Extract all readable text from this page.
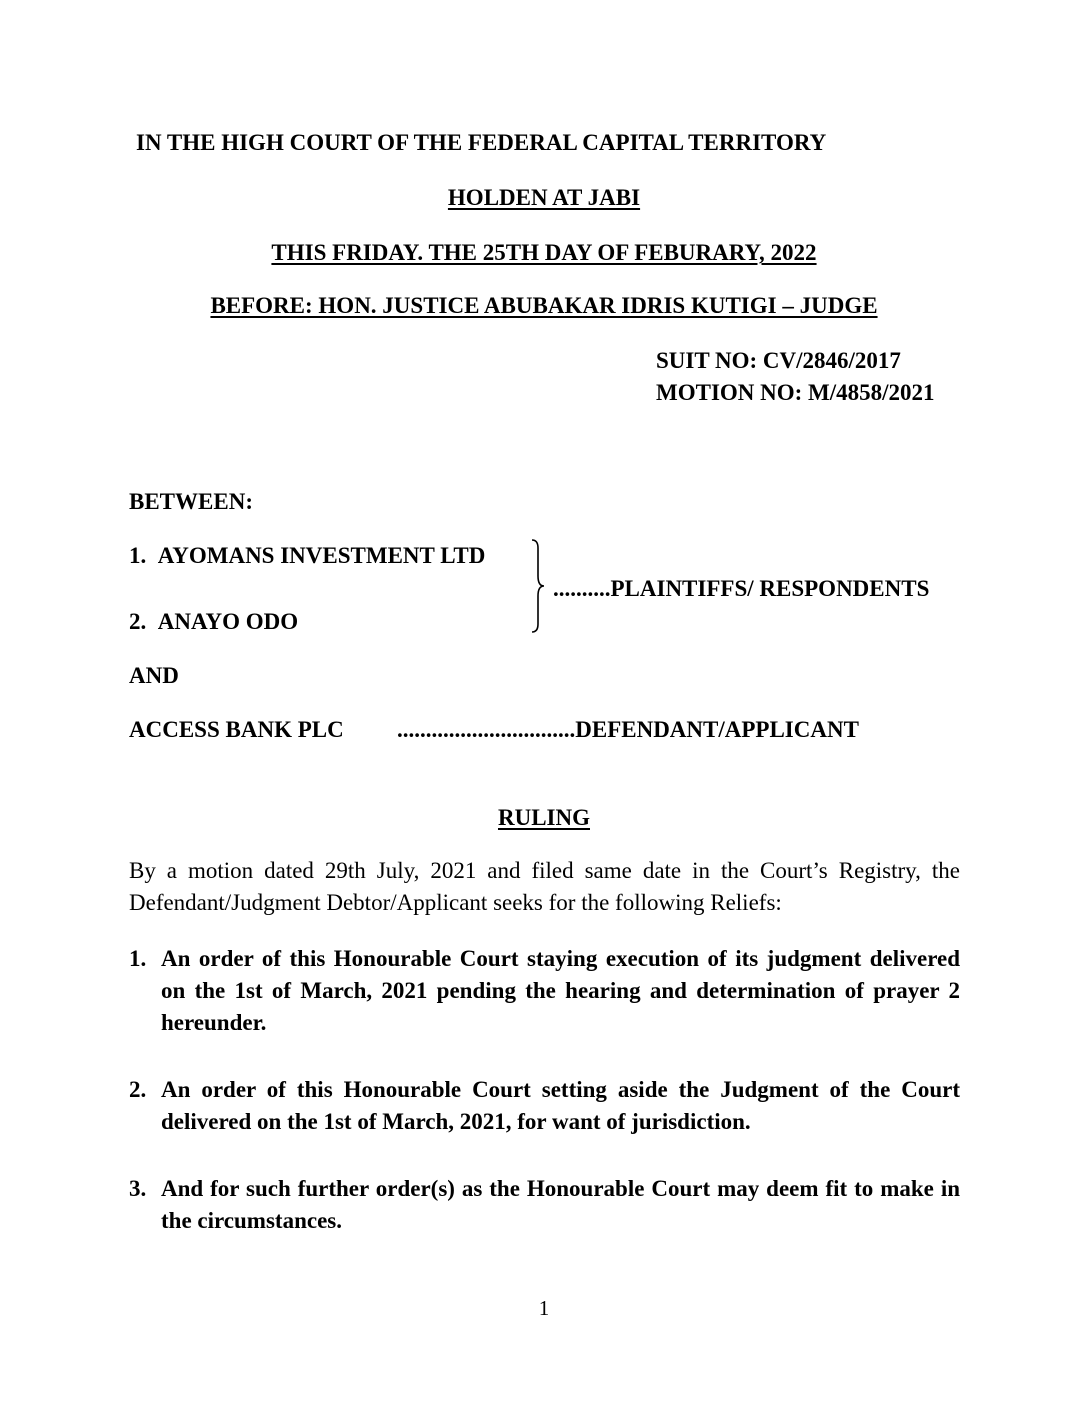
IN THE HIGH COURT OF THE FEDERAL CAPITAL TERRITORY
HOLDEN AT JABI
THIS FRIDAY. THE 25TH DAY OF FEBURARY, 2022
BEFORE: HON. JUSTICE ABUBAKAR IDRIS KUTIGI – JUDGE
SUIT NO: CV/2846/2017
MOTION NO: M/4858/2021
BETWEEN:
1. AYOMANS INVESTMENT LTD
2. ANAYO ODO
..........PLAINTIFFS/ RESPONDENTS
AND
ACCESS BANK PLC ...............................DEFENDANT/APPLICANT
RULING
By a motion dated 29th July, 2021 and filed same date in the Court’s Registry, the Defendant/Judgment Debtor/Applicant seeks for the following Reliefs:
1. An order of this Honourable Court staying execution of its judgment delivered on the 1st of March, 2021 pending the hearing and determination of prayer 2 hereunder.
2. An order of this Honourable Court setting aside the Judgment of the Court delivered on the 1st of March, 2021, for want of jurisdiction.
3. And for such further order(s) as the Honourable Court may deem fit to make in the circumstances.
1
